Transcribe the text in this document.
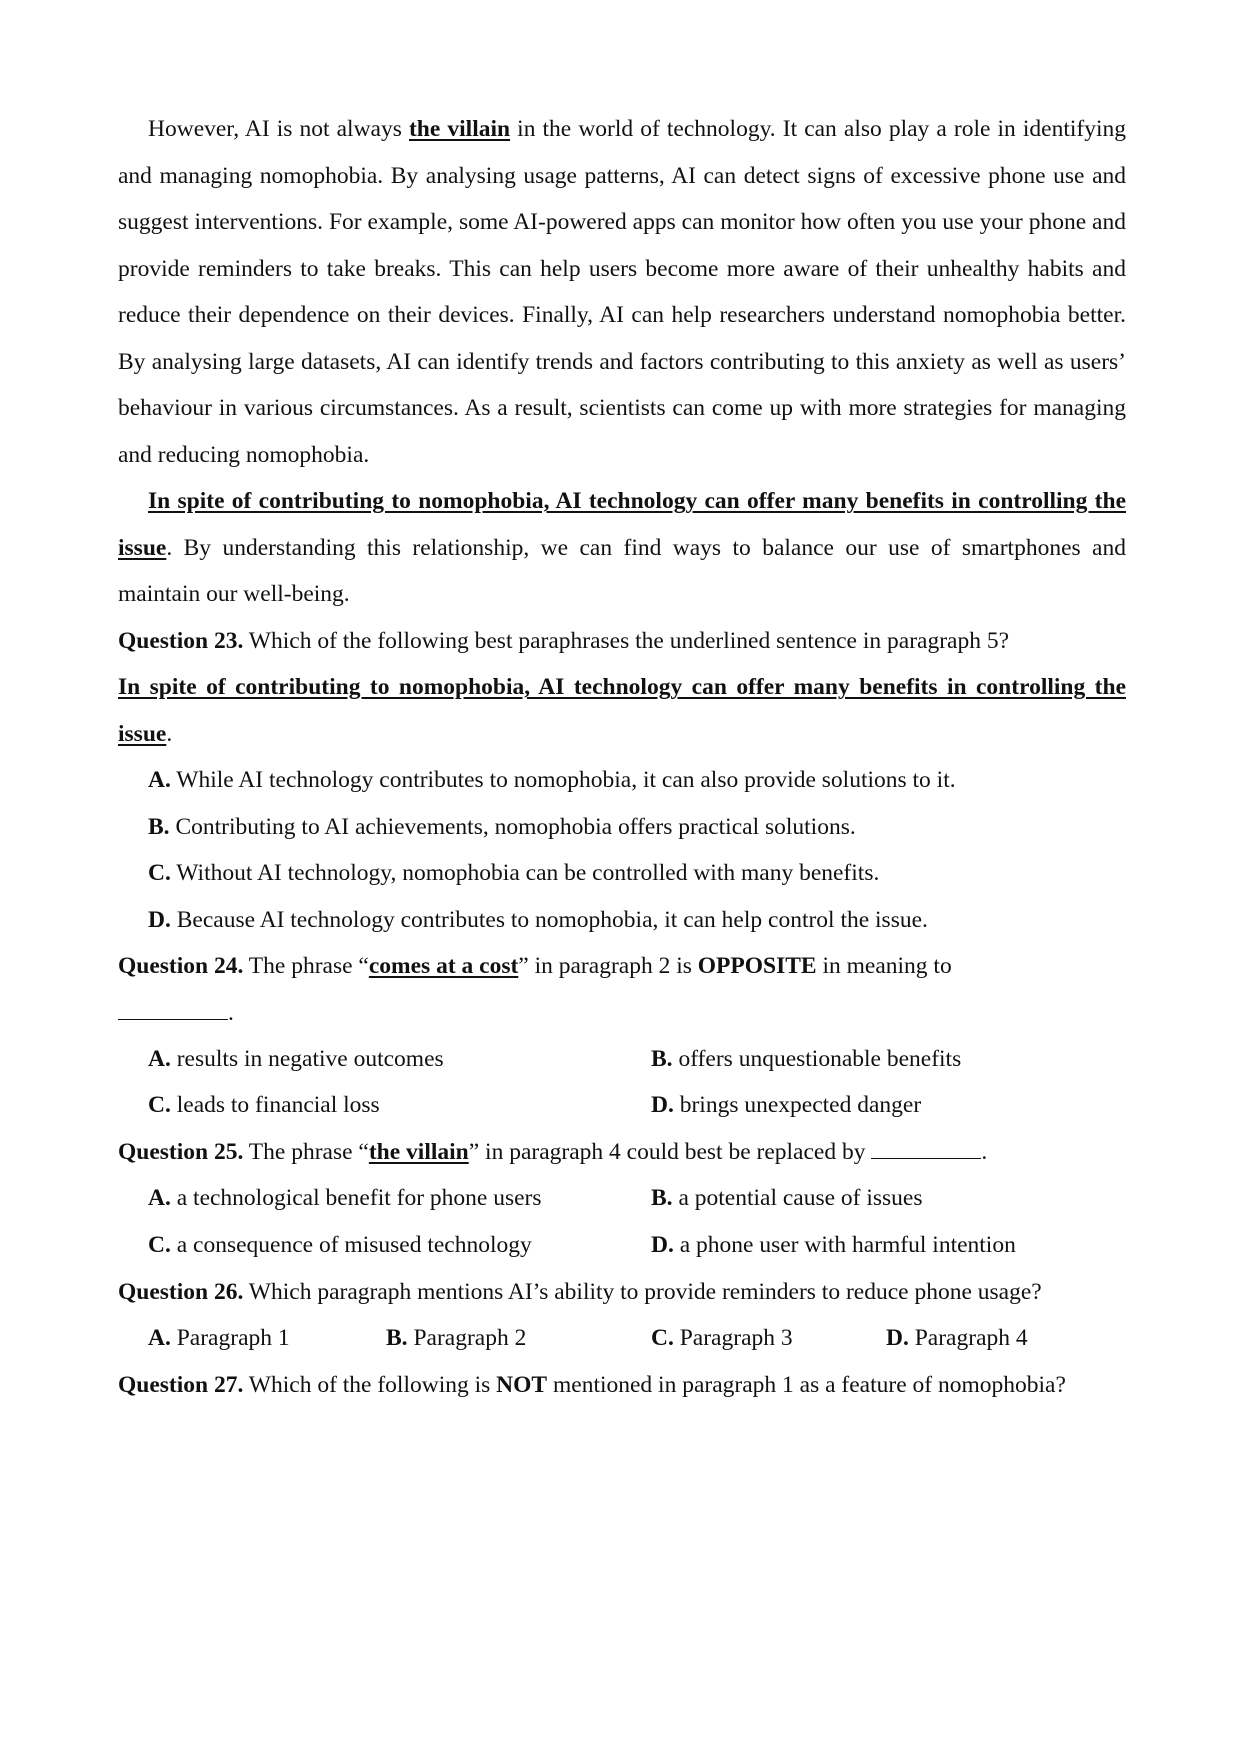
However, AI is not always the villain in the world of technology. It can also play a role in identifying and managing nomophobia. By analysing usage patterns, AI can detect signs of excessive phone use and suggest interventions. For example, some AI-powered apps can monitor how often you use your phone and provide reminders to take breaks. This can help users become more aware of their unhealthy habits and reduce their dependence on their devices. Finally, AI can help researchers understand nomophobia better. By analysing large datasets, AI can identify trends and factors contributing to this anxiety as well as users’ behaviour in various circumstances. As a result, scientists can come up with more strategies for managing and reducing nomophobia.

In spite of contributing to nomophobia, AI technology can offer many benefits in controlling the issue. By understanding this relationship, we can find ways to balance our use of smartphones and maintain our well-being.

Question 23. Which of the following best paraphrases the underlined sentence in paragraph 5?

In spite of contributing to nomophobia, AI technology can offer many benefits in controlling the issue.

A. While AI technology contributes to nomophobia, it can also provide solutions to it.
B. Contributing to AI achievements, nomophobia offers practical solutions.
C. Without AI technology, nomophobia can be controlled with many benefits.
D. Because AI technology contributes to nomophobia, it can help control the issue.

Question 24. The phrase “comes at a cost” in paragraph 2 is OPPOSITE in meaning to
.

A. results in negative outcomes	B. offers unquestionable benefits
C. leads to financial loss	D. brings unexpected danger

Question 25. The phrase “the villain” in paragraph 4 could best be replaced by	.

A. a technological benefit for phone users	B. a potential cause of issues
C. a consequence of misused technology	D. a phone user with harmful intention

Question 26. Which paragraph mentions AI’s ability to provide reminders to reduce phone usage?

A. Paragraph 1	B. Paragraph 2	C. Paragraph 3	D. Paragraph 4

Question 27. Which of the following is NOT mentioned in paragraph 1 as a feature of nomophobia?
